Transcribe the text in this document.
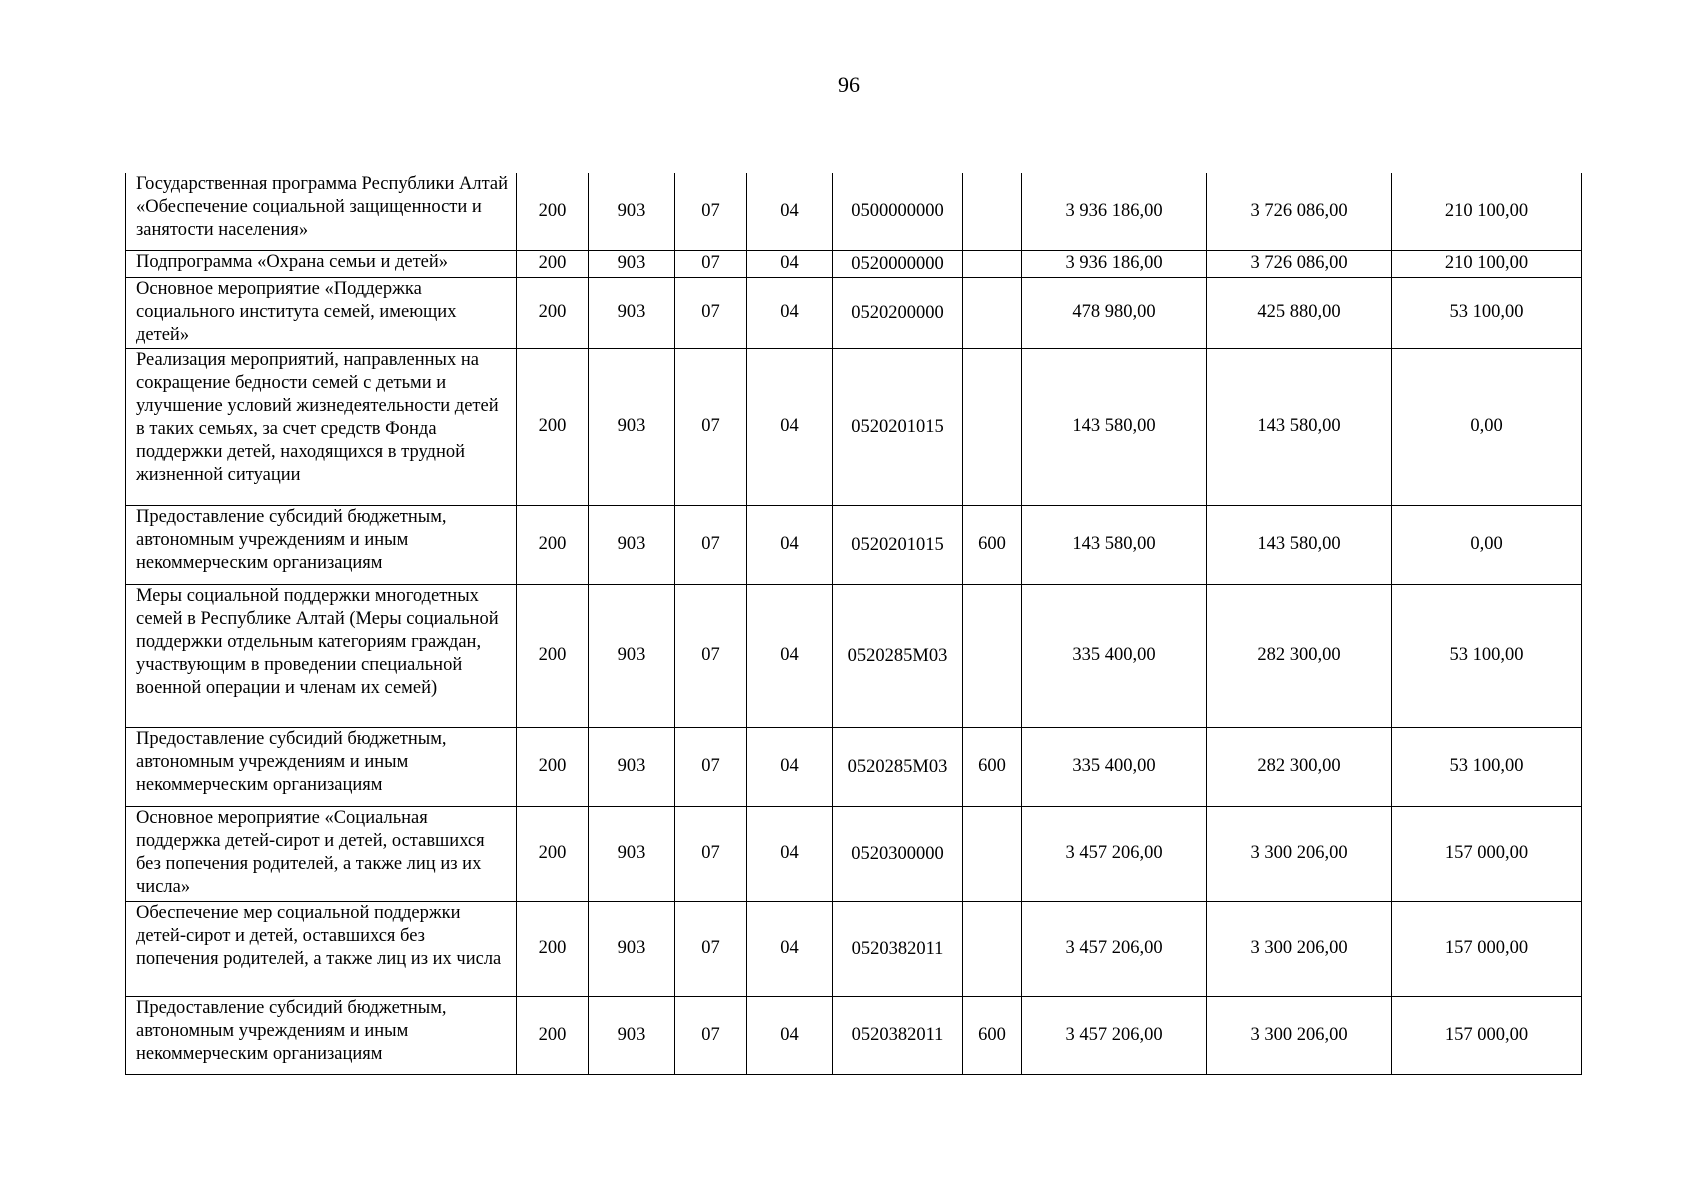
96
Государственная программа Республики Алтай «Обеспечение социальной защищенности и занятости населения»	200	903	07	04	0500000000		3 936 186,00	3 726 086,00	210 100,00
Подпрограмма «Охрана семьи и детей»	200	903	07	04	0520000000		3 936 186,00	3 726 086,00	210 100,00
Основное мероприятие «Поддержка социального института семей, имеющих детей»	200	903	07	04	0520200000		478 980,00	425 880,00	53 100,00
Реализация мероприятий, направленных на сокращение бедности семей с детьми и улучшение условий жизнедеятельности детей в таких семьях, за счет средств Фонда поддержки детей, находящихся в трудной жизненной ситуации	200	903	07	04	0520201015		143 580,00	143 580,00	0,00
Предоставление субсидий бюджетным, автономным учреждениям и иным некоммерческим организациям	200	903	07	04	0520201015	600	143 580,00	143 580,00	0,00
Меры социальной поддержки многодетных семей в Республике Алтай (Меры социальной поддержки отдельным категориям граждан, участвующим в проведении специальной военной операции и членам их семей)	200	903	07	04	0520285М03		335 400,00	282 300,00	53 100,00
Предоставление субсидий бюджетным, автономным учреждениям и иным некоммерческим организациям	200	903	07	04	0520285М03	600	335 400,00	282 300,00	53 100,00
Основное мероприятие «Социальная поддержка детей-сирот и детей, оставшихся без попечения родителей, а также лиц из их числа»	200	903	07	04	0520300000		3 457 206,00	3 300 206,00	157 000,00
Обеспечение мер социальной поддержки детей-сирот и детей, оставшихся без попечения родителей, а также лиц из их числа	200	903	07	04	0520382011		3 457 206,00	3 300 206,00	157 000,00
Предоставление субсидий бюджетным, автономным учреждениям и иным некоммерческим организациям	200	903	07	04	0520382011	600	3 457 206,00	3 300 206,00	157 000,00
